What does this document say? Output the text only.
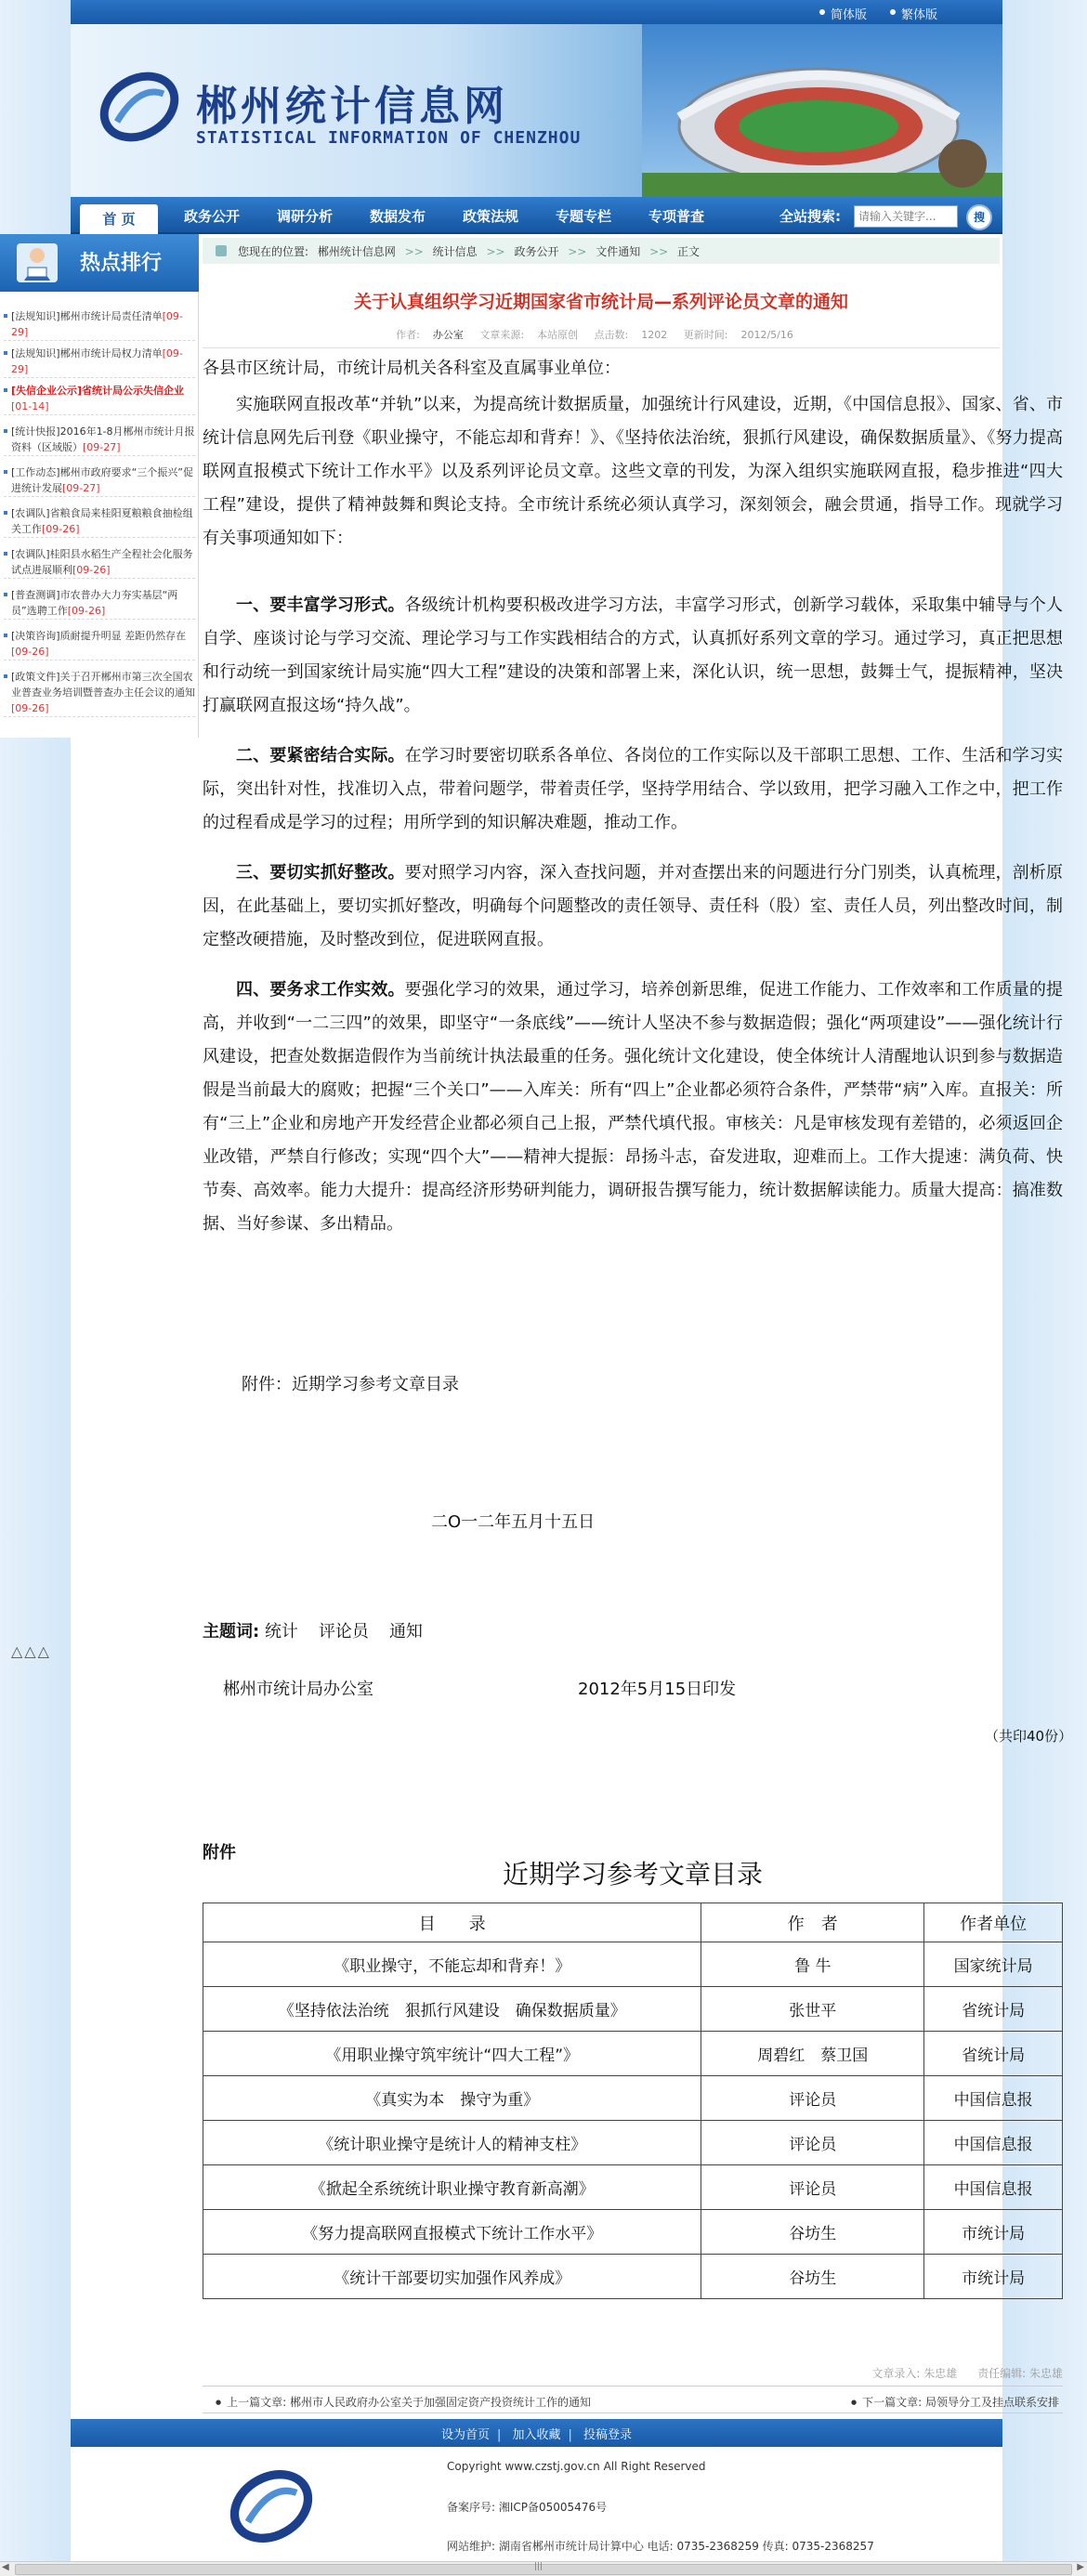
简体版	繁体版
郴州统计信息网
STATISTICAL INFORMATION OF CHENZHOU
首 页	政务公开	调研分析	数据发布	政策法规	专题专栏	专项普查	全站搜索:
请输入关键字...	搜
热点排行
[法规知识]郴州市统计局责任清单[09-29]
[法规知识]郴州市统计局权力清单[09-29]
[失信企业公示]省统计局公示失信企业[01-14]
[统计快报]2016年1-8月郴州市统计月报资料（区域版）[09-27]
[工作动态]郴州市政府要求“三个振兴”促进统计发展[09-27]
[农调队]省粮食局来桂阳夏粮粮食抽检组关工作[09-26]
[农调队]桂阳县水稻生产全程社会化服务试点进展顺利[09-26]
[普查测调]市农普办大力夯实基层“两员”选聘工作[09-26]
[决策咨询]质耐提升明显 差距仍然存在[09-26]
[政策文件]关于召开郴州市第三次全国农业普查业务培训暨普查办主任会议的通知[09-26]
△△△
您现在的位置: 郴州统计信息网 >> 统计信息 >> 政务公开 >> 文件通知 >> 正文
关于认真组织学习近期国家省市统计局—系列评论员文章的通知
作者: 办公室 文章来源: 本站原创 点击数: 1202 更新时间: 2012/5/16
各县市区统计局，市统计局机关各科室及直属事业单位：
实施联网直报改革“并轨”以来，为提高统计数据质量，加强统计行风建设，近期，《中国信息报》、国家、省、市统计信息网先后刊登《职业操守，不能忘却和背弃！》、《坚持依法治统，狠抓行风建设，确保数据质量》、《努力提高联网直报模式下统计工作水平》以及系列评论员文章。这些文章的刊发，为深入组织实施联网直报，稳步推进“四大工程”建设，提供了精神鼓舞和舆论支持。全市统计系统必须认真学习，深刻领会，融会贯通，指导工作。现就学习有关事项通知如下：
一、要丰富学习形式。各级统计机构要积极改进学习方法，丰富学习形式，创新学习载体，采取集中辅导与个人自学、座谈讨论与学习交流、理论学习与工作实践相结合的方式，认真抓好系列文章的学习。通过学习，真正把思想和行动统一到国家统计局实施“四大工程”建设的决策和部署上来，深化认识，统一思想，鼓舞士气，提振精神，坚决打赢联网直报这场“持久战”。
二、要紧密结合实际。在学习时要密切联系各单位、各岗位的工作实际以及干部职工思想、工作、生活和学习实际，突出针对性，找准切入点，带着问题学，带着责任学，坚持学用结合、学以致用，把学习融入工作之中，把工作的过程看成是学习的过程；用所学到的知识解决难题，推动工作。
三、要切实抓好整改。要对照学习内容，深入查找问题，并对查摆出来的问题进行分门别类，认真梳理，剖析原因，在此基础上，要切实抓好整改，明确每个问题整改的责任领导、责任科（股）室、责任人员，列出整改时间，制定整改硬措施，及时整改到位，促进联网直报。
四、要务求工作实效。要强化学习的效果，通过学习，培养创新思维，促进工作能力、工作效率和工作质量的提高，并收到“一二三四”的效果，即坚守“一条底线”——统计人坚决不参与数据造假；强化“两项建设”——强化统计行风建设，把查处数据造假作为当前统计执法最重的任务。强化统计文化建设，使全体统计人清醒地认识到参与数据造假是当前最大的腐败；把握“三个关口”——入库关：所有“四上”企业都必须符合条件，严禁带“病”入库。直报关：所有“三上”企业和房地产开发经营企业都必须自己上报，严禁代填代报。审核关：凡是审核发现有差错的，必须返回企业改错，严禁自行修改；实现“四个大”——精神大提振：昂扬斗志，奋发进取，迎难而上。工作大提速：满负荷、快节奏、高效率。能力大提升：提高经济形势研判能力，调研报告撰写能力，统计数据解读能力。质量大提高：搞准数据、当好参谋、多出精品。
附件：近期学习参考文章目录
二O一二年五月十五日
主题词: 统计 评论员 通知
郴州市统计局办公室	2012年5月15日印发
（共印40份）
附件
近期学习参考文章目录
目　　录	作　者	作者单位
《职业操守，不能忘却和背弃！》	鲁 牛	国家统计局
《坚持依法治统　狠抓行风建设　确保数据质量》	张世平	省统计局
《用职业操守筑牢统计“四大工程”》	周碧红　蔡卫国	省统计局
《真实为本　操守为重》	评论员	中国信息报
《统计职业操守是统计人的精神支柱》	评论员	中国信息报
《掀起全系统统计职业操守教育新高潮》	评论员	中国信息报
《努力提高联网直报模式下统计工作水平》	谷坊生	市统计局
《统计干部要切实加强作风养成》	谷坊生	市统计局
文章录入: 朱忠雄 责任编辑: 朱忠雄
● 上一篇文章: 郴州市人民政府办公室关于加强固定资产投资统计工作的通知	● 下一篇文章: 局领导分工及挂点联系安排
设为首页 | 加入收藏 | 投稿登录
Copyright www.czstj.gov.cn All Right Reserved
备案序号: 湘ICP备05005476号
网站维护: 湖南省郴州市统计局计算中心 电话: 0735-2368259 传真: 0735-2368257
◀	|||	▶
